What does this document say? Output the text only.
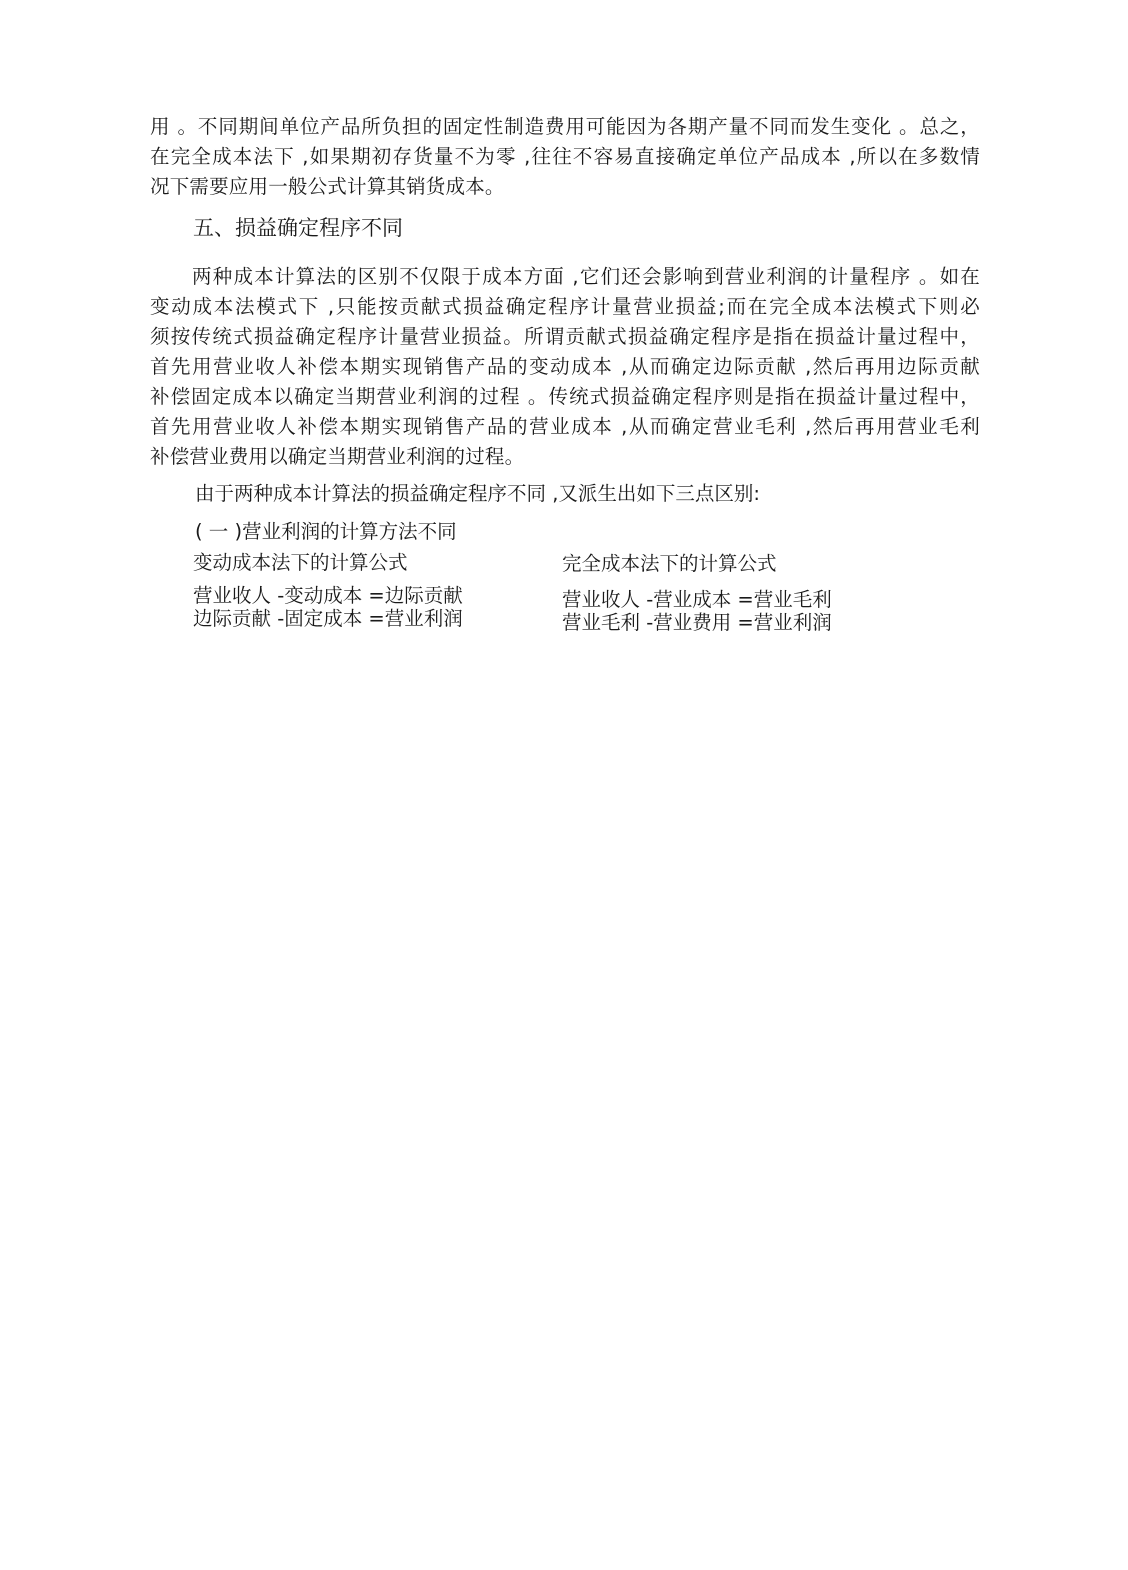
用 。不同期间单位产品所负担的固定性制造费用可能因为各期产量不同而发生变化 。总之，
在完全成本法下 ,如果期初存货量不为零 ,往往不容易直接确定单位产品成本 ,所以在多数情
况下需要应用一般公式计算其销货成本。
五、损益确定程序不同
两种成本计算法的区别不仅限于成本方面 ,它们还会影响到营业利润的计量程序 。如在
变动成本法模式下 ,只能按贡献式损益确定程序计量营业损益;而在完全成本法模式下则必
须按传统式损益确定程序计量营业损益。所谓贡献式损益确定程序是指在损益计量过程中，
首先用营业收人补偿本期实现销售产品的变动成本 ,从而确定边际贡献 ,然后再用边际贡献
补偿固定成本以确定当期营业利润的过程 。传统式损益确定程序则是指在损益计量过程中，
首先用营业收人补偿本期实现销售产品的营业成本 ,从而确定营业毛利 ,然后再用营业毛利
补偿营业费用以确定当期营业利润的过程。

由于两种成本计算法的损益确定程序不同 ,又派生出如下三点区别:

( 一 )营业利润的计算方法不同

变动成本法下的计算公式	完全成本法下的计算公式

营业收人 -变动成本 =边际贡献
边际贡献 -固定成本 =营业利润
营业收人 -营业成本 =营业毛利
营业毛利 -营业费用 =营业利润
